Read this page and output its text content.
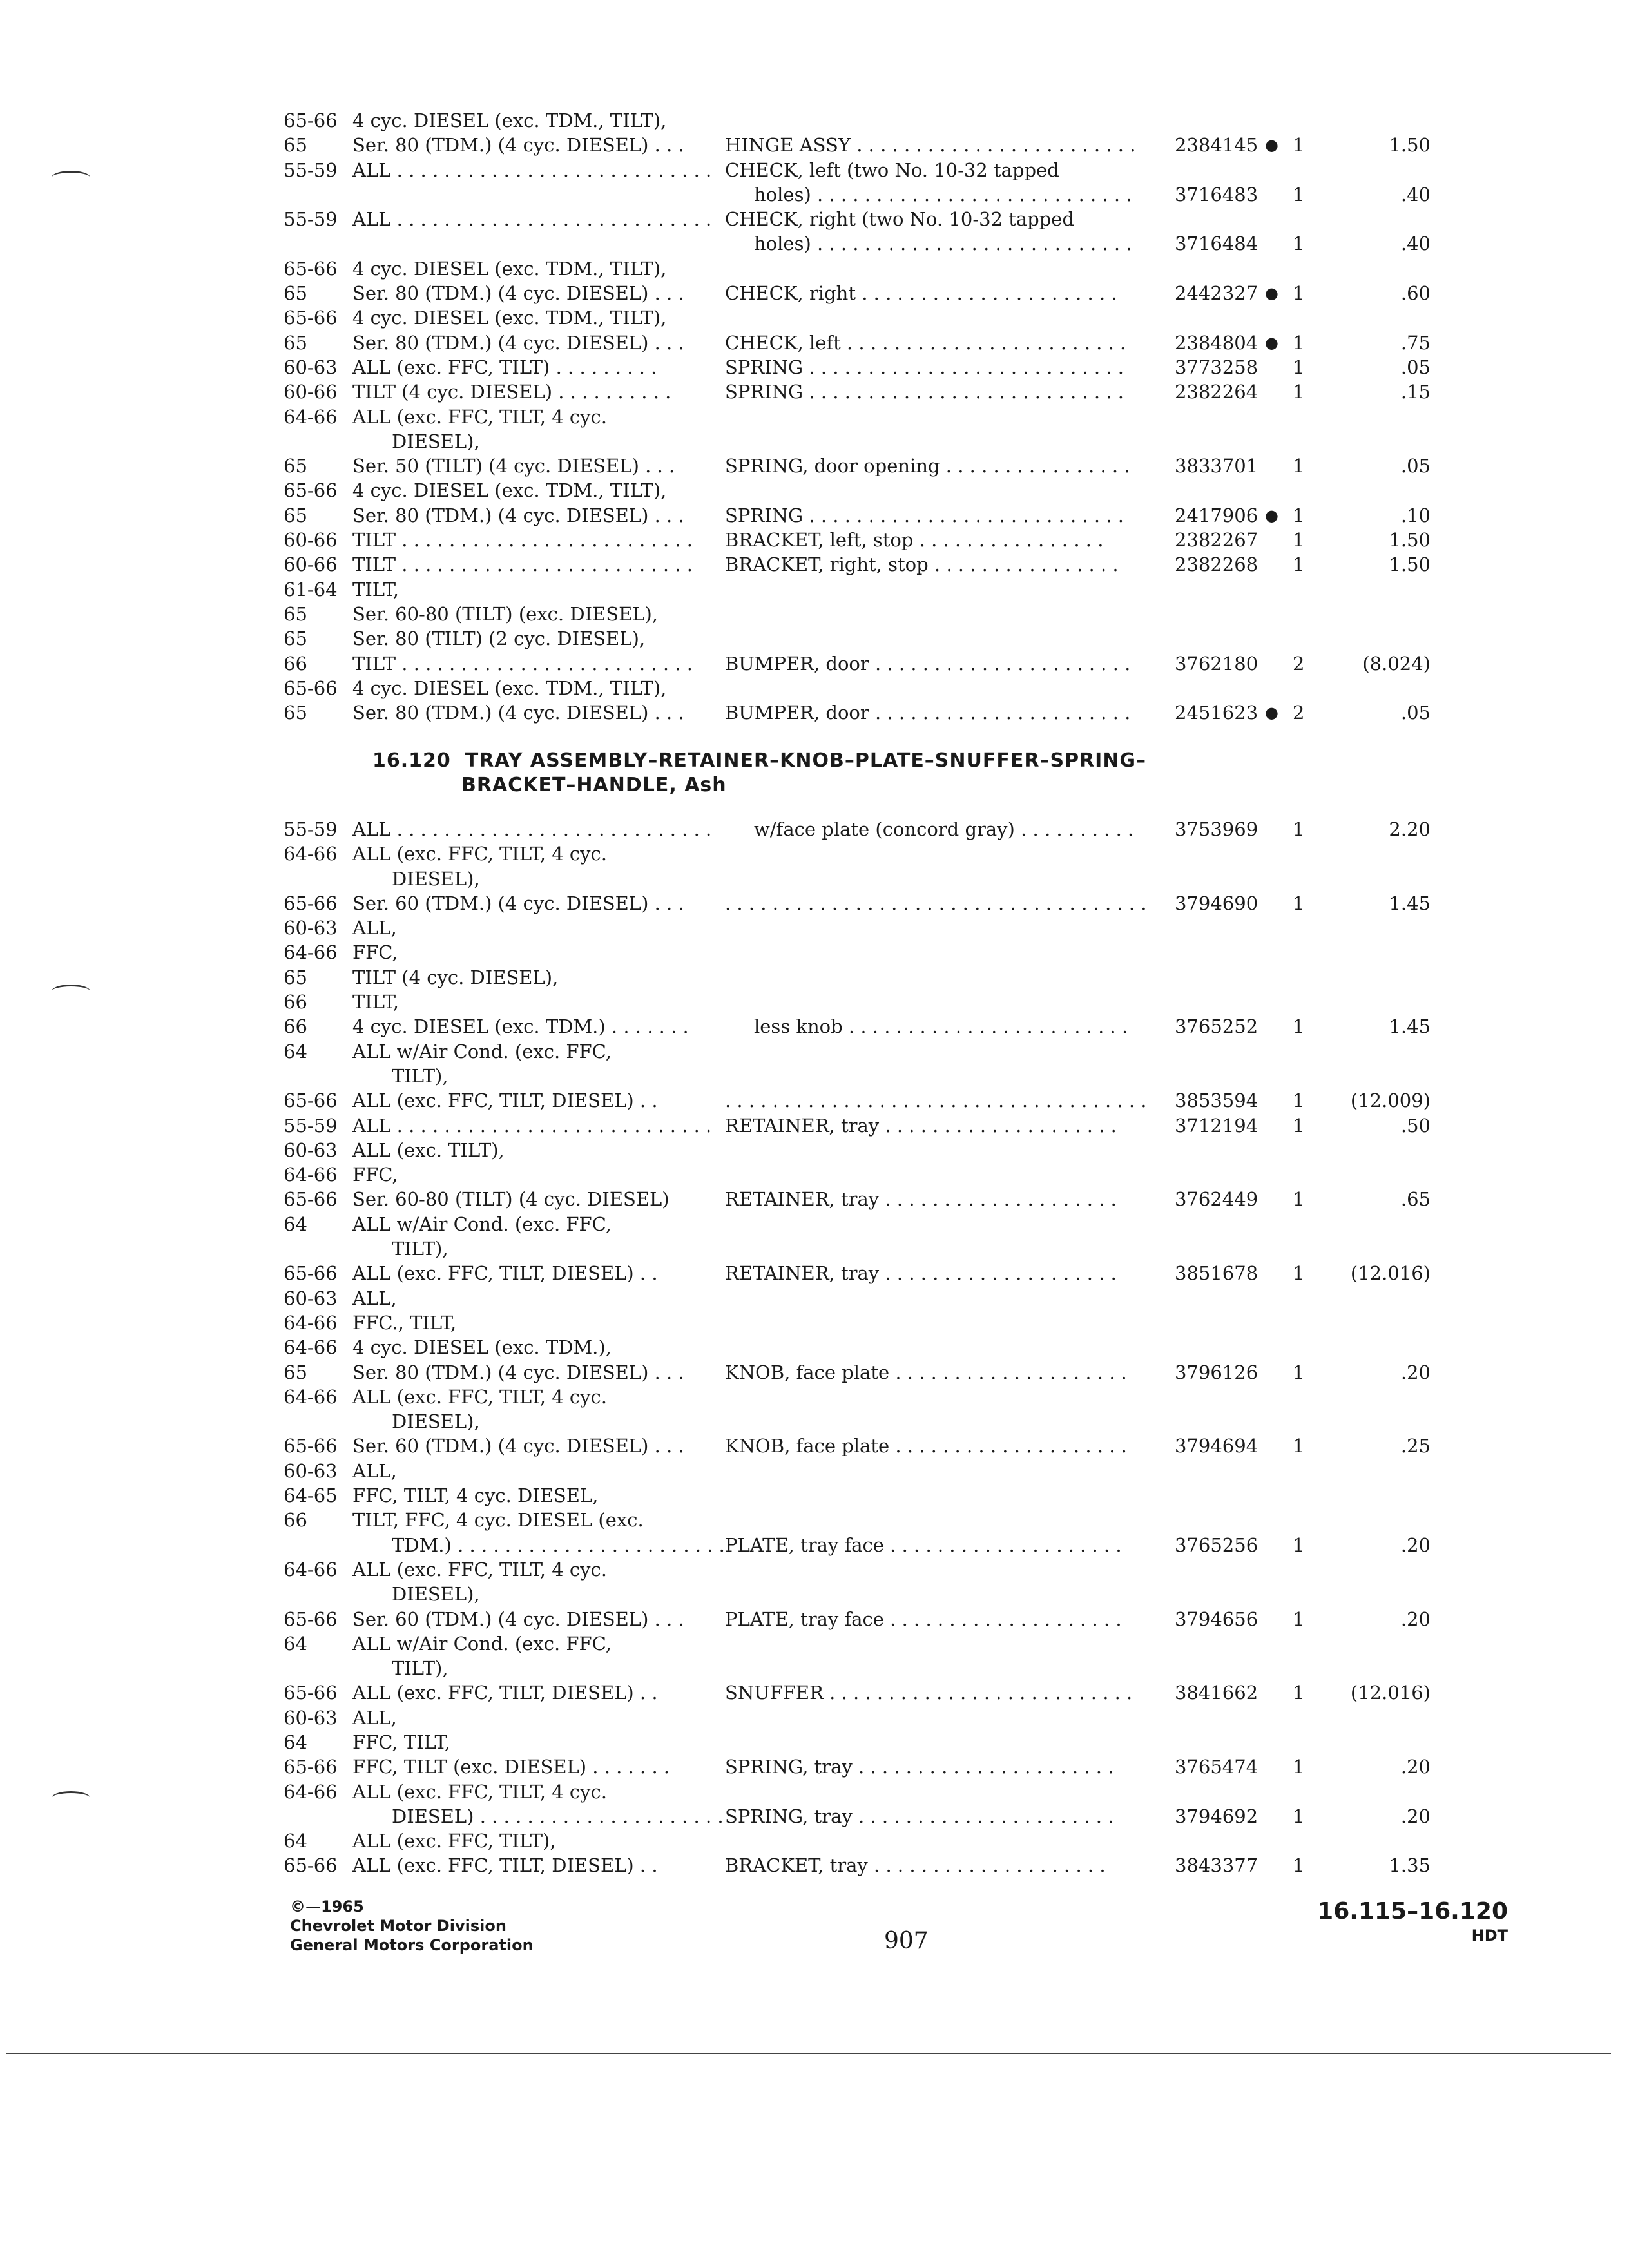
65-66 4 cyc. DIESEL (exc. TDM., TILT),
65 Ser. 80 (TDM.) (4 cyc. DIESEL) . . . HINGE ASSY . . . . . . . . . . . . . . . . . . . . . . . . 2384145 ● 1	1.50
55-59 ALL . . . . . . . . . . . . . . . . . . . . . . . . . . . CHECK, left (two No. 10-32 tapped
holes) . . . . . . . . . . . . . . . . . . . . . . . . . . . 3716483 1	.40
55-59 ALL . . . . . . . . . . . . . . . . . . . . . . . . . . . CHECK, right (two No. 10-32 tapped
holes) . . . . . . . . . . . . . . . . . . . . . . . . . . . 3716484 1	.40
65-66 4 cyc. DIESEL (exc. TDM., TILT),
65 Ser. 80 (TDM.) (4 cyc. DIESEL) . . . CHECK, right . . . . . . . . . . . . . . . . . . . . . .	2442327 ● 1	.60
65-66 4 cyc. DIESEL (exc. TDM., TILT),
65 Ser. 80 (TDM.) (4 cyc. DIESEL) . . . CHECK, left . . . . . . . . . . . . . . . . . . . . . . . .	2384804 ● 1	.75
60-63 ALL (exc. FFC, TILT) . . . . . . . . .	SPRING . . . . . . . . . . . . . . . . . . . . . . . . . . .	3773258 1	.05
60-66 TILT (4 cyc. DIESEL) . . . . . . . . . .	SPRING . . . . . . . . . . . . . . . . . . . . . . . . . . .	2382264 1	.15
64-66 ALL (exc. FFC, TILT, 4 cyc.
DIESEL),
65 Ser. 50 (TILT) (4 cyc. DIESEL) . . .	SPRING, door opening . . . . . . . . . . . . . . . . 3833701 1	.05
65-66 4 cyc. DIESEL (exc. TDM., TILT),
65 Ser. 80 (TDM.) (4 cyc. DIESEL) . . . SPRING . . . . . . . . . . . . . . . . . . . . . . . . . . .	2417906 ● 1	.10
60-66 TILT . . . . . . . . . . . . . . . . . . . . . . . . . BRACKET, left, stop . . . . . . . . . . . . . . . .	2382267 1	1.50
60-66 TILT . . . . . . . . . . . . . . . . . . . . . . . . . BRACKET, right, stop . . . . . . . . . . . . . . . .	2382268 1	1.50
61-64 TILT,
65 Ser. 60-80 (TILT) (exc. DIESEL),
65 Ser. 80 (TILT) (2 cyc. DIESEL),
66 TILT . . . . . . . . . . . . . . . . . . . . . . . . . BUMPER, door . . . . . . . . . . . . . . . . . . . . . . 3762180 2	(8.024)
65-66 4 cyc. DIESEL (exc. TDM., TILT),
65 Ser. 80 (TDM.) (4 cyc. DIESEL) . . . BUMPER, door . . . . . . . . . . . . . . . . . . . . . . 2451623 ● 2	.05
16.120 TRAY ASSEMBLY–RETAINER–KNOB–PLATE–SNUFFER–SPRING–
BRACKET–HANDLE, Ash
55-59 ALL . . . . . . . . . . . . . . . . . . . . . . . . . . . w/face plate (concord gray) . . . . . . . . . . 3753969 1	2.20
64-66 ALL (exc. FFC, TILT, 4 cyc.
DIESEL),
65-66 Ser. 60 (TDM.) (4 cyc. DIESEL) . . . . . . . . . . . . . . . . . . . . . . . . . . . . . . . . . . . . . . . 3794690 1	1.45
60-63 ALL,
64-66 FFC,
65 TILT (4 cyc. DIESEL),
66 TILT,
66 4 cyc. DIESEL (exc. TDM.) . . . . . . .	less knob . . . . . . . . . . . . . . . . . . . . . . . .	3765252 1	1.45
64 ALL w/Air Cond. (exc. FFC,
TILT),
65-66 ALL (exc. FFC, TILT, DIESEL) . .	. . . . . . . . . . . . . . . . . . . . . . . . . . . . . . . . . . . . 3853594 1	(12.009)
55-59 ALL . . . . . . . . . . . . . . . . . . . . . . . . . . . RETAINER, tray . . . . . . . . . . . . . . . . . . . .	3712194 1	.50
60-63 ALL (exc. TILT),
64-66 FFC,
65-66 Ser. 60-80 (TILT) (4 cyc. DIESEL)	RETAINER, tray . . . . . . . . . . . . . . . . . . . .	3762449 1	.65
64 ALL w/Air Cond. (exc. FFC,
TILT),
65-66 ALL (exc. FFC, TILT, DIESEL) . .	RETAINER, tray . . . . . . . . . . . . . . . . . . . .	3851678 1	(12.016)
60-63 ALL,
64-66 FFC., TILT,
64-66 4 cyc. DIESEL (exc. TDM.),
65 Ser. 80 (TDM.) (4 cyc. DIESEL) . . . KNOB, face plate . . . . . . . . . . . . . . . . . . . .	3796126 1	.20
64-66 ALL (exc. FFC, TILT, 4 cyc.
DIESEL),
65-66 Ser. 60 (TDM.) (4 cyc. DIESEL) . . . KNOB, face plate . . . . . . . . . . . . . . . . . . . .	3794694 1	.25
60-63 ALL,
64-65 FFC, TILT, 4 cyc. DIESEL,
66 TILT, FFC, 4 cyc. DIESEL (exc.
TDM.) . . . . . . . . . . . . . . . . . . . . . . . PLATE, tray face . . . . . . . . . . . . . . . . . . . .	3765256 1	.20
64-66 ALL (exc. FFC, TILT, 4 cyc.
DIESEL),
65-66 Ser. 60 (TDM.) (4 cyc. DIESEL) . . . PLATE, tray face . . . . . . . . . . . . . . . . . . . .	3794656 1	.20
64 ALL w/Air Cond. (exc. FFC,
TILT),
65-66 ALL (exc. FFC, TILT, DIESEL) . .	SNUFFER . . . . . . . . . . . . . . . . . . . . . . . . . . 3841662 1	(12.016)
60-63 ALL,
64 FFC, TILT,
65-66 FFC, TILT (exc. DIESEL) . . . . . . .	SPRING, tray . . . . . . . . . . . . . . . . . . . . . .	3765474 1	.20
64-66 ALL (exc. FFC, TILT, 4 cyc.
DIESEL) . . . . . . . . . . . . . . . . . . . . . SPRING, tray . . . . . . . . . . . . . . . . . . . . . .	3794692 1	.20
64 ALL (exc. FFC, TILT),
65-66 ALL (exc. FFC, TILT, DIESEL) . .	BRACKET, tray . . . . . . . . . . . . . . . . . . . .	3843377 1	1.35
©—1965
Chevrolet Motor Division
General Motors Corporation	907
16.115–16.120
HDT
